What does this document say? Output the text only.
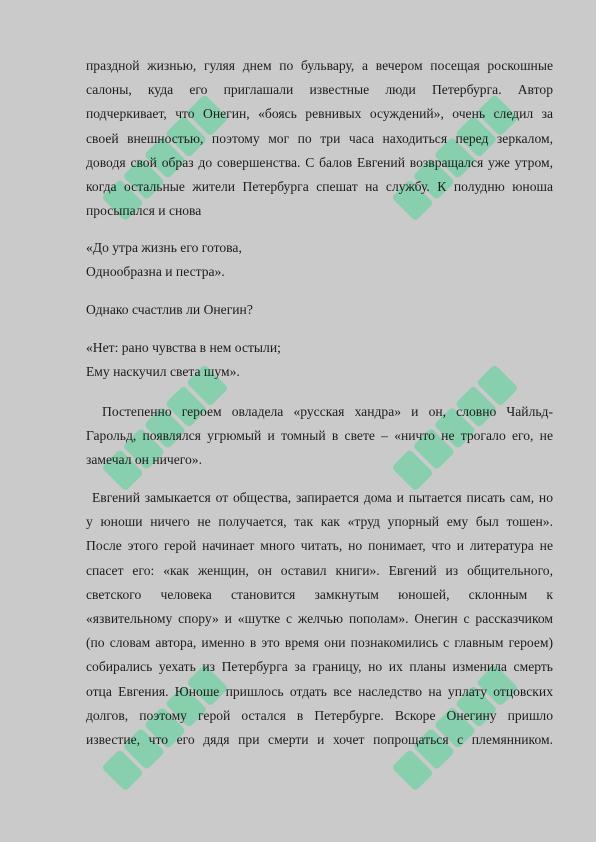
праздной жизнью, гуляя днем по бульвару, а вечером посещая роскошные
салоны, куда его приглашали известные люди Петербурга. Автор
подчеркивает, что Онегин, «боясь ревнивых осуждений», очень следил за
своей внешностью, поэтому мог по три часа находиться перед зеркалом,
доводя свой образ до совершенства. С балов Евгений возвращался уже утром,
когда остальные жители Петербурга спешат на службу. К полудню юноша
просыпался и снова
«До утра жизнь его готова,
Однообразна и пестра».
Однако счастлив ли Онегин?
«Нет: рано чувства в нем остыли;
Ему наскучил света шум».
Постепенно героем овладела «русская хандра» и он, словно Чайльд-
Гарольд, появлялся угрюмый и томный в свете – «ничто не трогало его, не
замечал он ничего».
Евгений замыкается от общества, запирается дома и пытается писать сам, но
у юноши ничего не получается, так как «труд упорный ему был тошен».
После этого герой начинает много читать, но понимает, что и литература не
спасет его: «как женщин, он оставил книги». Евгений из общительного,
светского человека становится замкнутым юношей, склонным к
«язвительному спору» и «шутке с желчью пополам». Онегин с рассказчиком
(по словам автора, именно в это время они познакомились с главным героем)
собирались уехать из Петербурга за границу, но их планы изменила смерть
отца Евгения. Юноше пришлось отдать все наследство на уплату отцовских
долгов, поэтому герой остался в Петербурге. Вскоре Онегину пришло
известие, что его дядя при смерти и хочет попрощаться с племянником.
